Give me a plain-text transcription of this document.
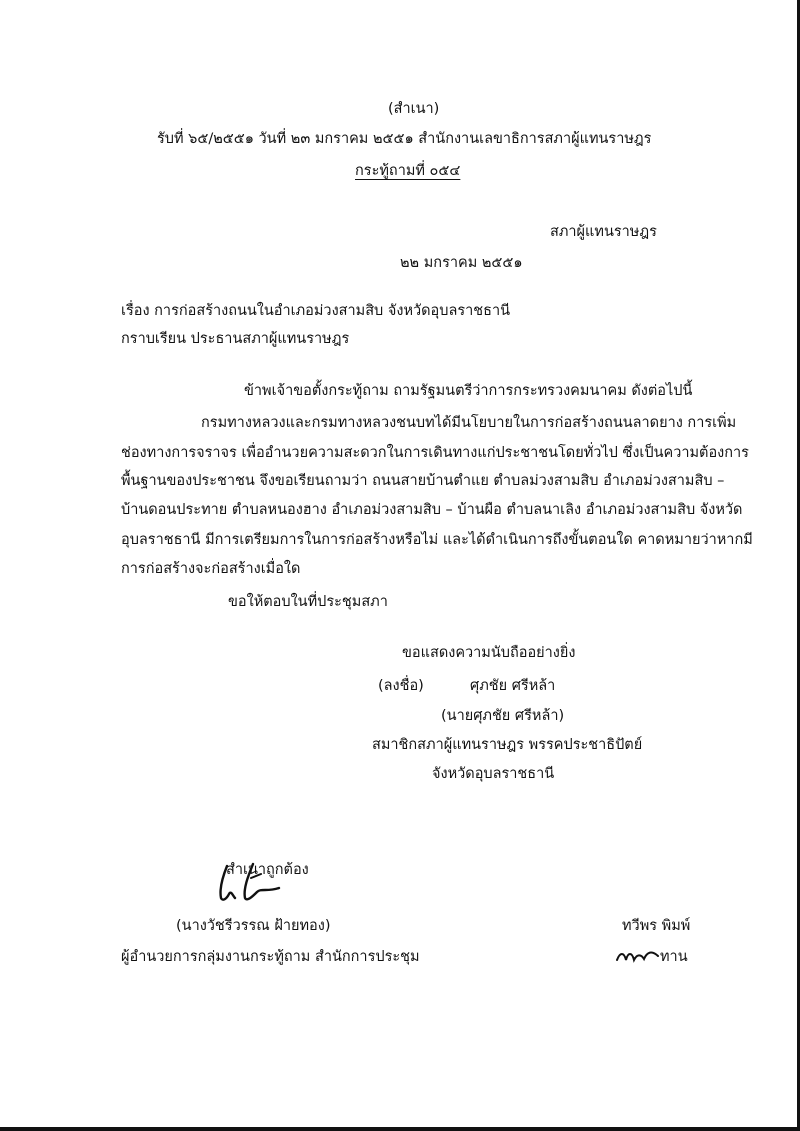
(สำเนา)
รับที่ ๖๕/๒๕๕๑ วันที่ ๒๓ มกราคม ๒๕๕๑ สำนักงานเลขาธิการสภาผู้แทนราษฎร
กระทู้ถามที่ ๐๕๔
สภาผู้แทนราษฎร
๒๒ มกราคม ๒๕๕๑
เรื่อง การก่อสร้างถนนในอำเภอม่วงสามสิบ จังหวัดอุบลราชธานี
กราบเรียน ประธานสภาผู้แทนราษฎร
ข้าพเจ้าขอตั้งกระทู้ถาม ถามรัฐมนตรีว่าการกระทรวงคมนาคม ดังต่อไปนี้
กรมทางหลวงและกรมทางหลวงชนบทได้มีนโยบายในการก่อสร้างถนนลาดยาง การเพิ่ม
ช่องทางการจราจร เพื่ออำนวยความสะดวกในการเดินทางแก่ประชาชนโดยทั่วไป ซึ่งเป็นความต้องการ
พื้นฐานของประชาชน จึงขอเรียนถามว่า ถนนสายบ้านตำแย ตำบลม่วงสามสิบ อำเภอม่วงสามสิบ –
บ้านดอนประทาย ตำบลหนองฮาง อำเภอม่วงสามสิบ – บ้านผือ ตำบลนาเลิง อำเภอม่วงสามสิบ จังหวัด
อุบลราชธานี มีการเตรียมการในการก่อสร้างหรือไม่ และได้ดำเนินการถึงขั้นตอนใด คาดหมายว่าหากมี
การก่อสร้างจะก่อสร้างเมื่อใด
ขอให้ตอบในที่ประชุมสภา
ขอแสดงความนับถืออย่างยิ่ง
(ลงชื่อ)	ศุภชัย ศรีหล้า
(นายศุภชัย ศรีหล้า)
สมาชิกสภาผู้แทนราษฎร พรรคประชาธิปัตย์
จังหวัดอุบลราชธานี
สำเนาถูกต้อง
(นางวัชรีวรรณ ฝ้ายทอง)
ผู้อำนวยการกลุ่มงานกระทู้ถาม สำนักการประชุม
ทวีพร พิมพ์
ทาน
